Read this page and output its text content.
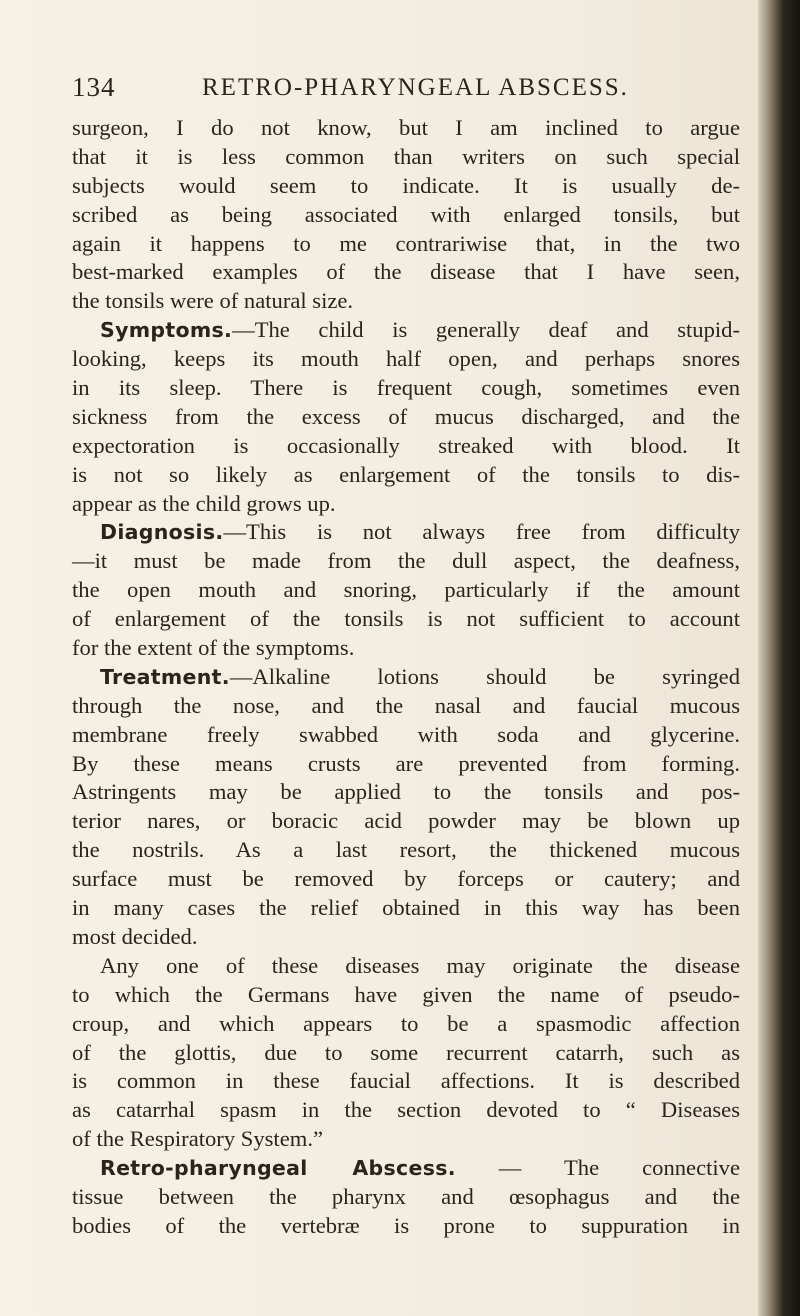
134	RETRO-PHARYNGEAL ABSCESS.
surgeon, I do not know, but I am inclined to argue
that it is less common than writers on such special
subjects would seem to indicate. It is usually de-
scribed as being associated with enlarged tonsils, but
again it happens to me contrariwise that, in the two
best-marked examples of the disease that I have seen,
the tonsils were of natural size.
Symptoms.—The child is generally deaf and stupid-
looking, keeps its mouth half open, and perhaps snores
in its sleep. There is frequent cough, sometimes even
sickness from the excess of mucus discharged, and the
expectoration is occasionally streaked with blood. It
is not so likely as enlargement of the tonsils to dis-
appear as the child grows up.
Diagnosis.—This is not always free from difficulty
—it must be made from the dull aspect, the deafness,
the open mouth and snoring, particularly if the amount
of enlargement of the tonsils is not sufficient to account
for the extent of the symptoms.
Treatment.—Alkaline lotions should be syringed
through the nose, and the nasal and faucial mucous
membrane freely swabbed with soda and glycerine.
By these means crusts are prevented from forming.
Astringents may be applied to the tonsils and pos-
terior nares, or boracic acid powder may be blown up
the nostrils. As a last resort, the thickened mucous
surface must be removed by forceps or cautery; and
in many cases the relief obtained in this way has been
most decided.
Any one of these diseases may originate the disease
to which the Germans have given the name of pseudo-
croup, and which appears to be a spasmodic affection
of the glottis, due to some recurrent catarrh, such as
is common in these faucial affections. It is described
as catarrhal spasm in the section devoted to “ Diseases
of the Respiratory System.”
Retro-pharyngeal Abscess. — The connective
tissue between the pharynx and œsophagus and the
bodies of the vertebræ is prone to suppuration in
